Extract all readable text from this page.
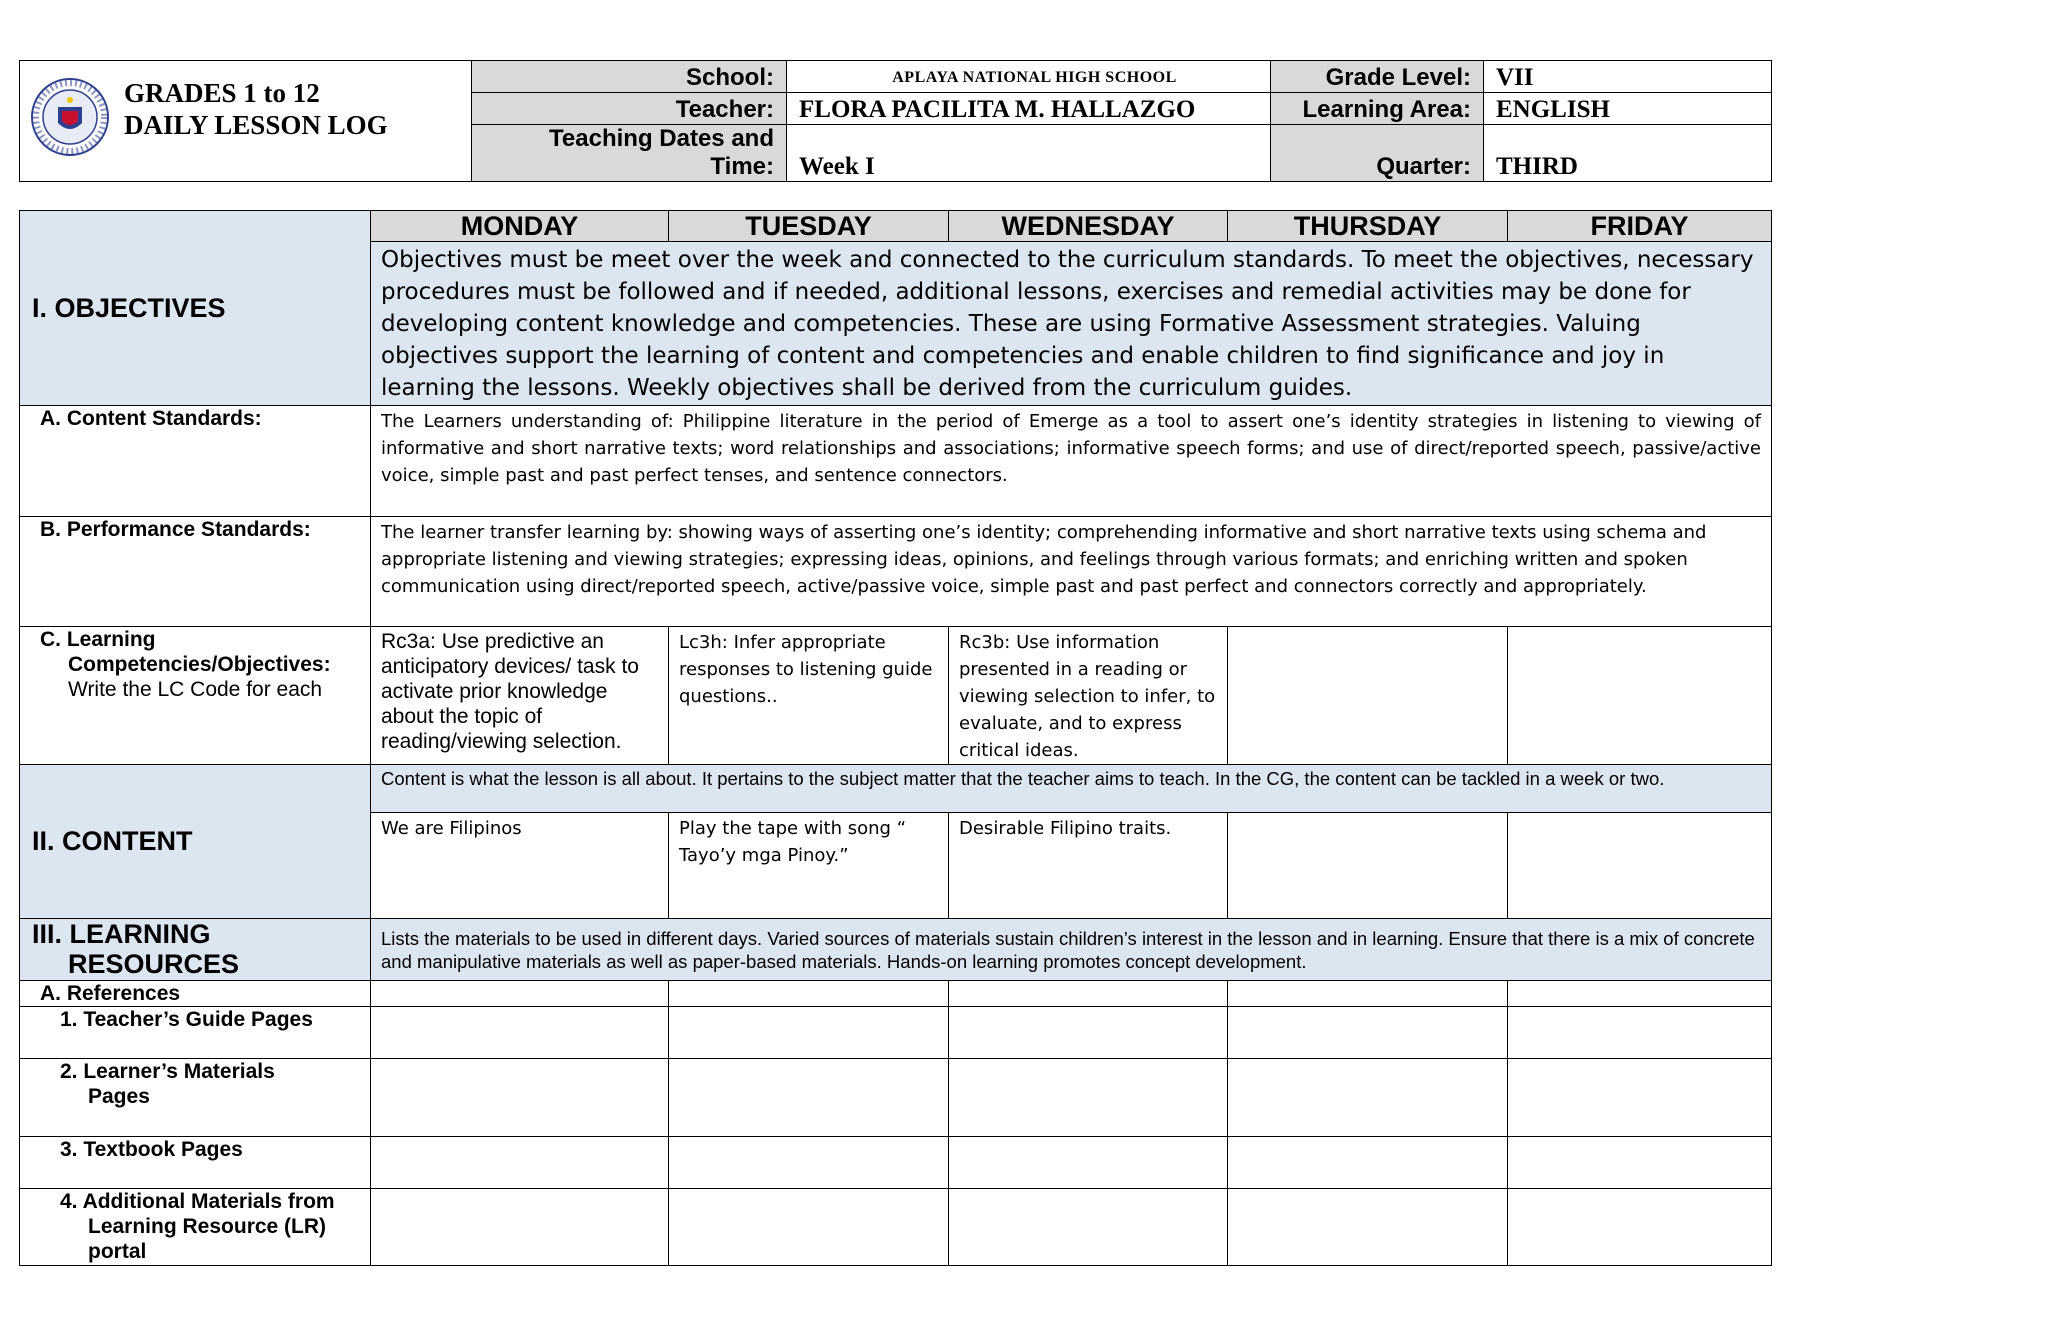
GRADES 1 to 12
DAILY LESSON LOG	School:	APLAYA NATIONAL HIGH SCHOOL	Grade Level:	VII
	Teacher:	FLORA PACILITA M. HALLAZGO	Learning Area:	ENGLISH

	Teaching Dates and
Time:	Week I	Quarter:	THIRD
I. OBJECTIVES	MONDAY	TUESDAY	WEDNESDAY	THURSDAY	FRIDAY
	Objectives must be meet over the week and connected to the curriculum standards. To meet the objectives, necessary procedures must be followed and if needed, additional lessons, exercises and remedial activities may be done for developing content knowledge and competencies. These are using Formative Assessment strategies. Valuing objectives support the learning of content and competencies and enable children to find significance and joy in learning the lessons. Weekly objectives shall be derived from the curriculum guides.				
A. Content Standards:	The Learners understanding of: Philippine literature in the period of Emerge as a tool to assert one’s identity strategies in listening to viewing of informative and short narrative texts; word relationships and associations; informative speech forms; and use of direct/reported speech, passive/active voice, simple past and past perfect tenses, and sentence connectors.				
B. Performance Standards:	The learner transfer learning by: showing ways of asserting one’s identity; comprehending informative and short narrative texts using schema and appropriate listening and viewing strategies; expressing ideas, opinions, and feelings through various formats; and enriching written and spoken communication using direct/reported speech, active/passive voice, simple past and past perfect and connectors correctly and appropriately.				

C. Learning
Competencies/Objectives:
Write the LC Code for each	Rc3a: Use predictive an anticipatory devices/ task to activate prior knowledge about the topic of reading/viewing selection.	Lc3h: Infer appropriate responses to listening guide questions..	Rc3b: Use information presented in a reading or viewing selection to infer, to evaluate, and to express critical ideas.		
II. CONTENT	Content is what the lesson is all about. It pertains to the subject matter that the teacher aims to teach. In the CG, the content can be tackled in a week or two.				
	We are Filipinos	Play the tape with song “ Tayo’y mga Pinoy.”	Desirable Filipino traits.		

III. LEARNING
RESOURCES	Lists the materials to be used in different days. Varied sources of materials sustain children’s interest in the lesson and in learning. Ensure that there is a mix of concrete and manipulative materials as well as paper-based materials. Hands-on learning promotes concept development.				
A. References					
1. Teacher’s Guide Pages					

2. Learner’s Materials
Pages					

3. Textbook Pages					

4. Additional Materials from
Learning Resource (LR)
portal					
